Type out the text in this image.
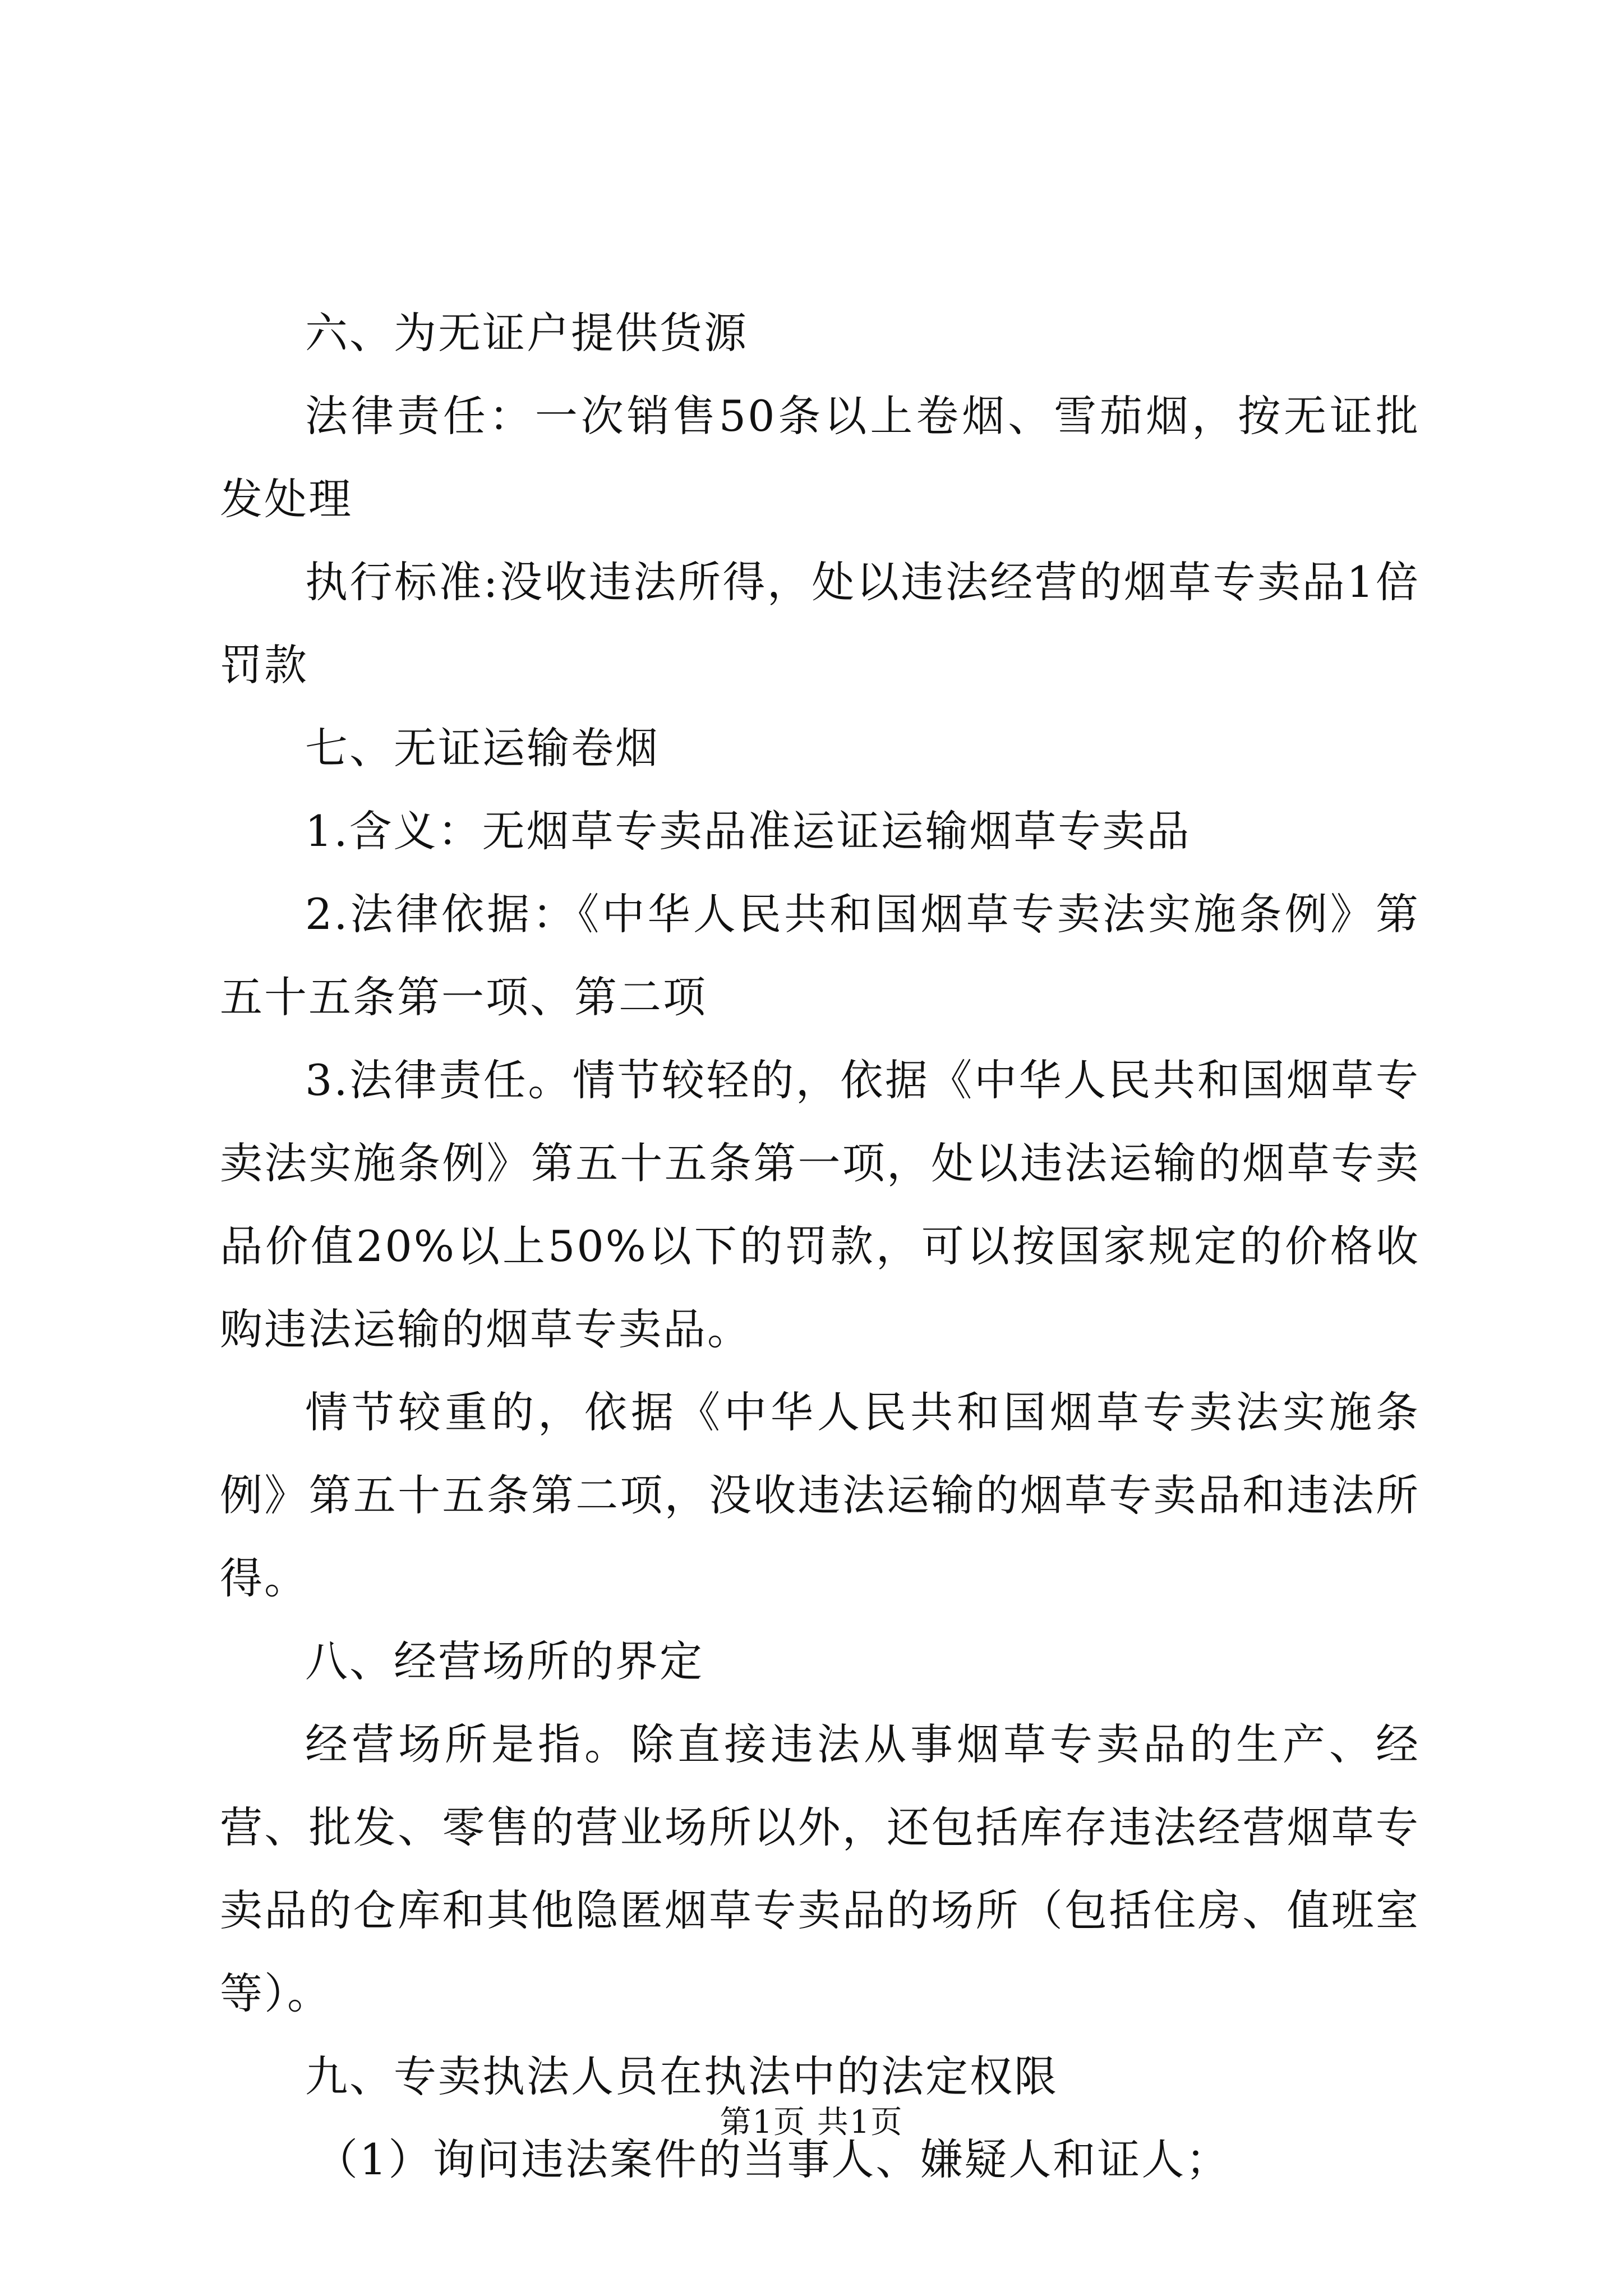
六、为无证户提供货源

法律责任：一次销售50条以上卷烟、雪茄烟，按无证批发处理

执行标准:没收违法所得，处以违法经营的烟草专卖品1倍罚款

七、无证运输卷烟

1.含义：无烟草专卖品准运证运输烟草专卖品

2.法律依据：《中华人民共和国烟草专卖法实施条例》第五十五条第一项、第二项

3.法律责任。情节较轻的，依据《中华人民共和国烟草专卖法实施条例》第五十五条第一项，处以违法运输的烟草专卖品价值20%以上50%以下的罚款，可以按国家规定的价格收购违法运输的烟草专卖品。

情节较重的，依据《中华人民共和国烟草专卖法实施条例》第五十五条第二项，没收违法运输的烟草专卖品和违法所得。

八、经营场所的界定

经营场所是指。除直接违法从事烟草专卖品的生产、经营、批发、零售的营业场所以外，还包括库存违法经营烟草专卖品的仓库和其他隐匿烟草专卖品的场所（包括住房、值班室等）。

九、专卖执法人员在执法中的法定权限

（1）询问违法案件的当事人、嫌疑人和证人；

第1页 共1页
